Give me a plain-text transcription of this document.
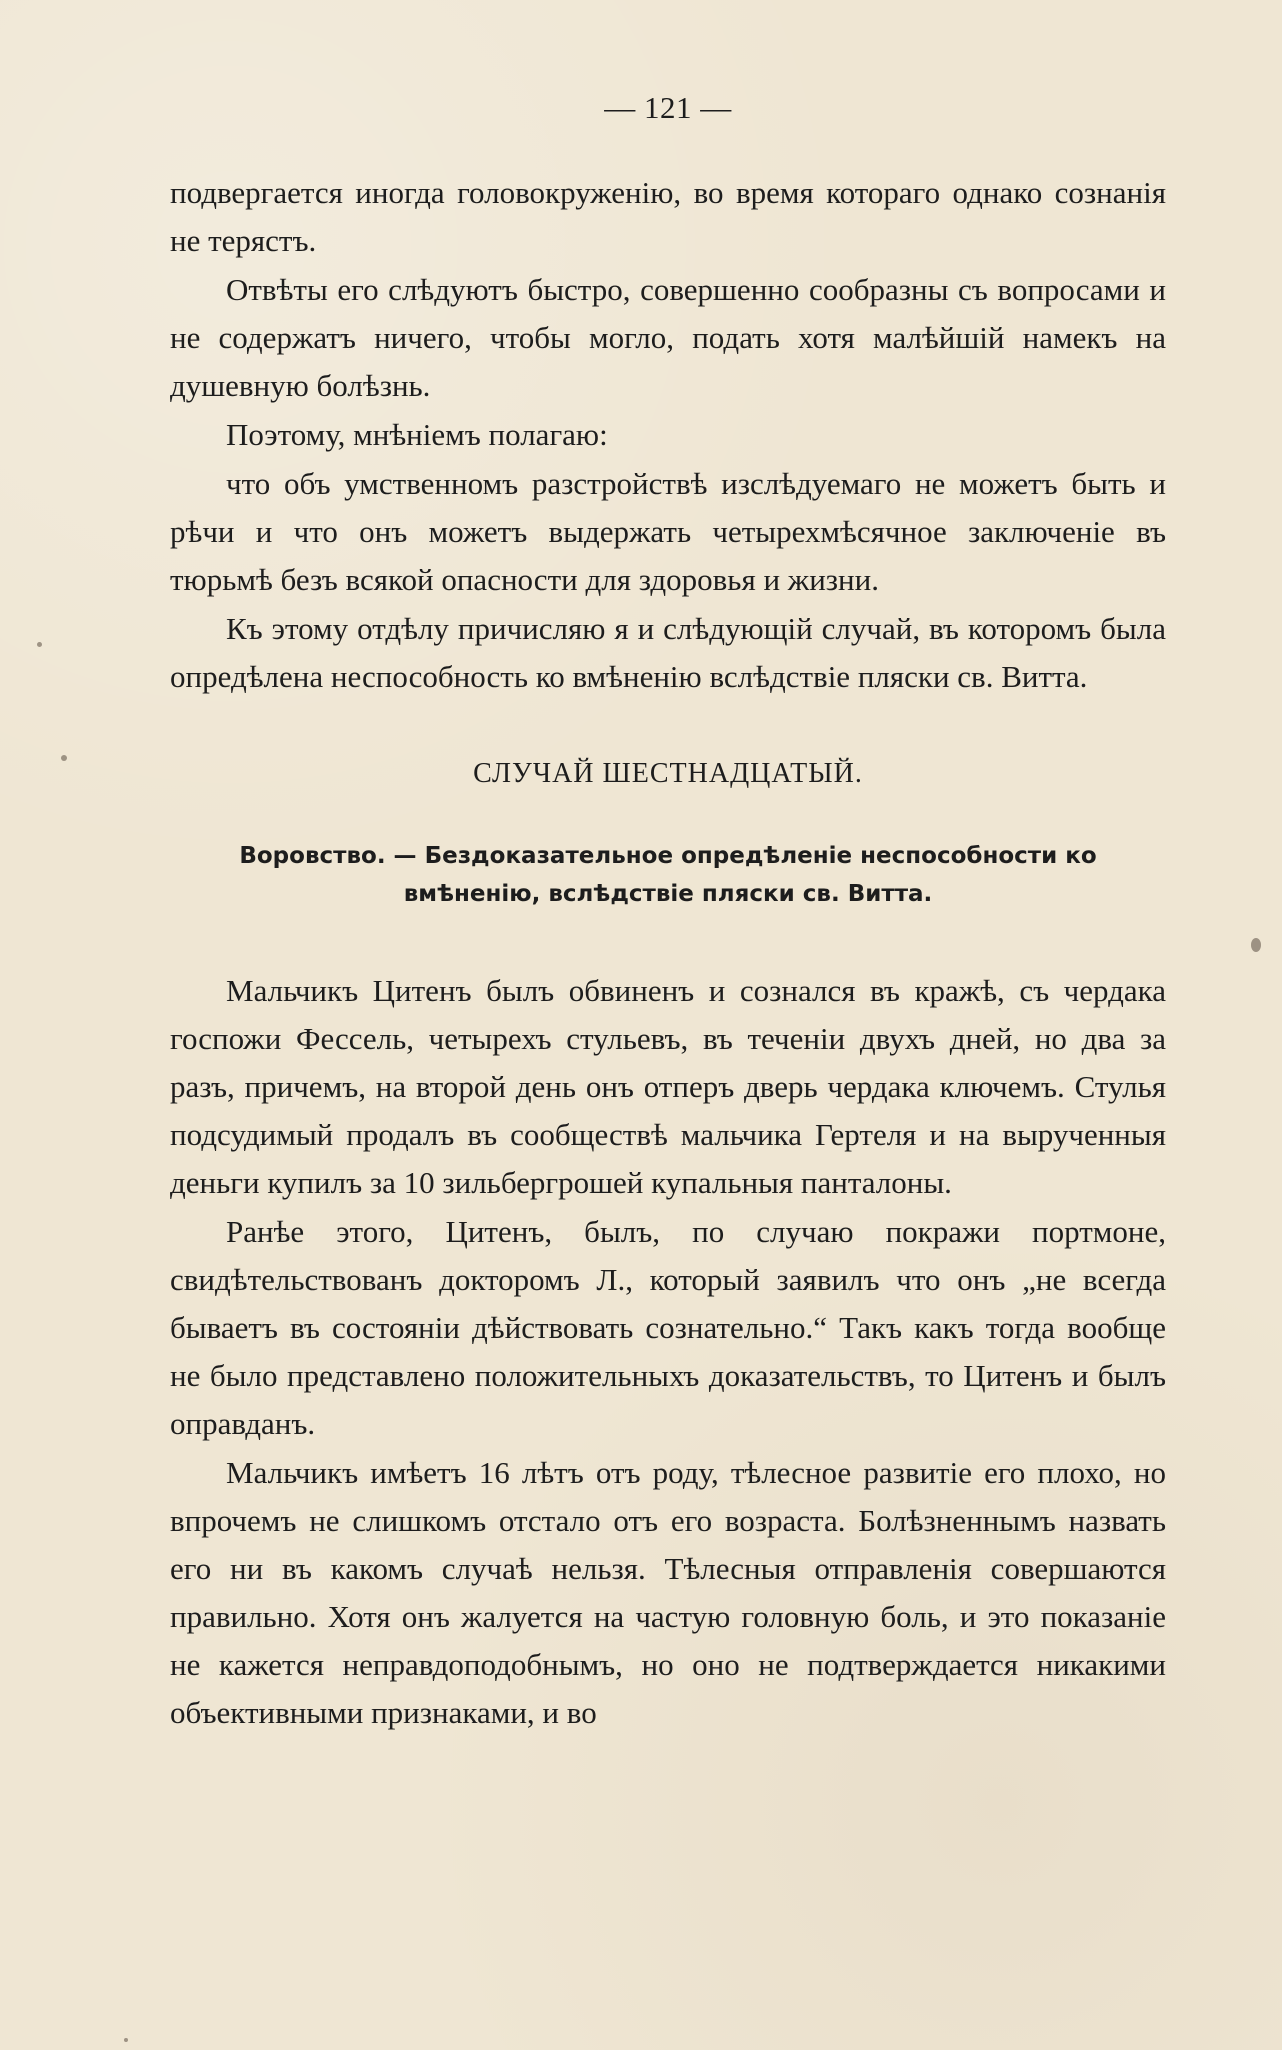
— 121 —

подвергается иногда головокруженію, во время котораго однако сознанія не терястъ.

Отвѣты его слѣдуютъ быстро, совершенно сообразны съ вопросами и не содержатъ ничего, чтобы могло, подать хотя малѣйшій намекъ на душевную болѣзнь.

Поэтому, мнѣніемъ полагаю:

что объ умственномъ разстройствѣ изслѣдуемаго не можетъ быть и рѣчи и что онъ можетъ выдержать четырехмѣсячное заключеніе въ тюрьмѣ безъ всякой опасности для здоровья и жизни.

Къ этому отдѣлу причисляю я и слѣдующій случай, въ которомъ была опредѣлена неспособность ко вмѣненію вслѣдствіе пляски св. Витта.

СЛУЧАЙ ШЕСТНАДЦАТЫЙ.
Воровство. — Бездоказательное опредѣленіе неспособности ко вмѣненію, вслѣдствіе пляски св. Витта.

Мальчикъ Цитенъ былъ обвиненъ и сознался въ кражѣ, съ чердака госпожи Фессель, четырехъ стульевъ, въ теченіи двухъ дней, но два за разъ, причемъ, на второй день онъ отперъ дверь чердака ключемъ. Стулья подсудимый продалъ въ сообществѣ мальчика Гертеля и на вырученныя деньги купилъ за 10 зильбергрошей купальныя панталоны.

Ранѣе этого, Цитенъ, былъ, по случаю покражи портмоне, свидѣтельствованъ докторомъ Л., который заявилъ что онъ „не всегда бываетъ въ состояніи дѣйствовать сознательно.“ Такъ какъ тогда вообще не было представлено положительныхъ доказательствъ, то Цитенъ и былъ оправданъ.

Мальчикъ имѣетъ 16 лѣтъ отъ роду, тѣлесное развитіе его плохо, но впрочемъ не слишкомъ отстало отъ его возраста. Болѣзненнымъ назвать его ни въ какомъ случаѣ нельзя. Тѣлесныя отправленія совершаются правильно. Хотя онъ жалуется на частую головную боль, и это показаніе не кажется неправдоподобнымъ, но оно не подтверждается никакими объективными признаками, и во
